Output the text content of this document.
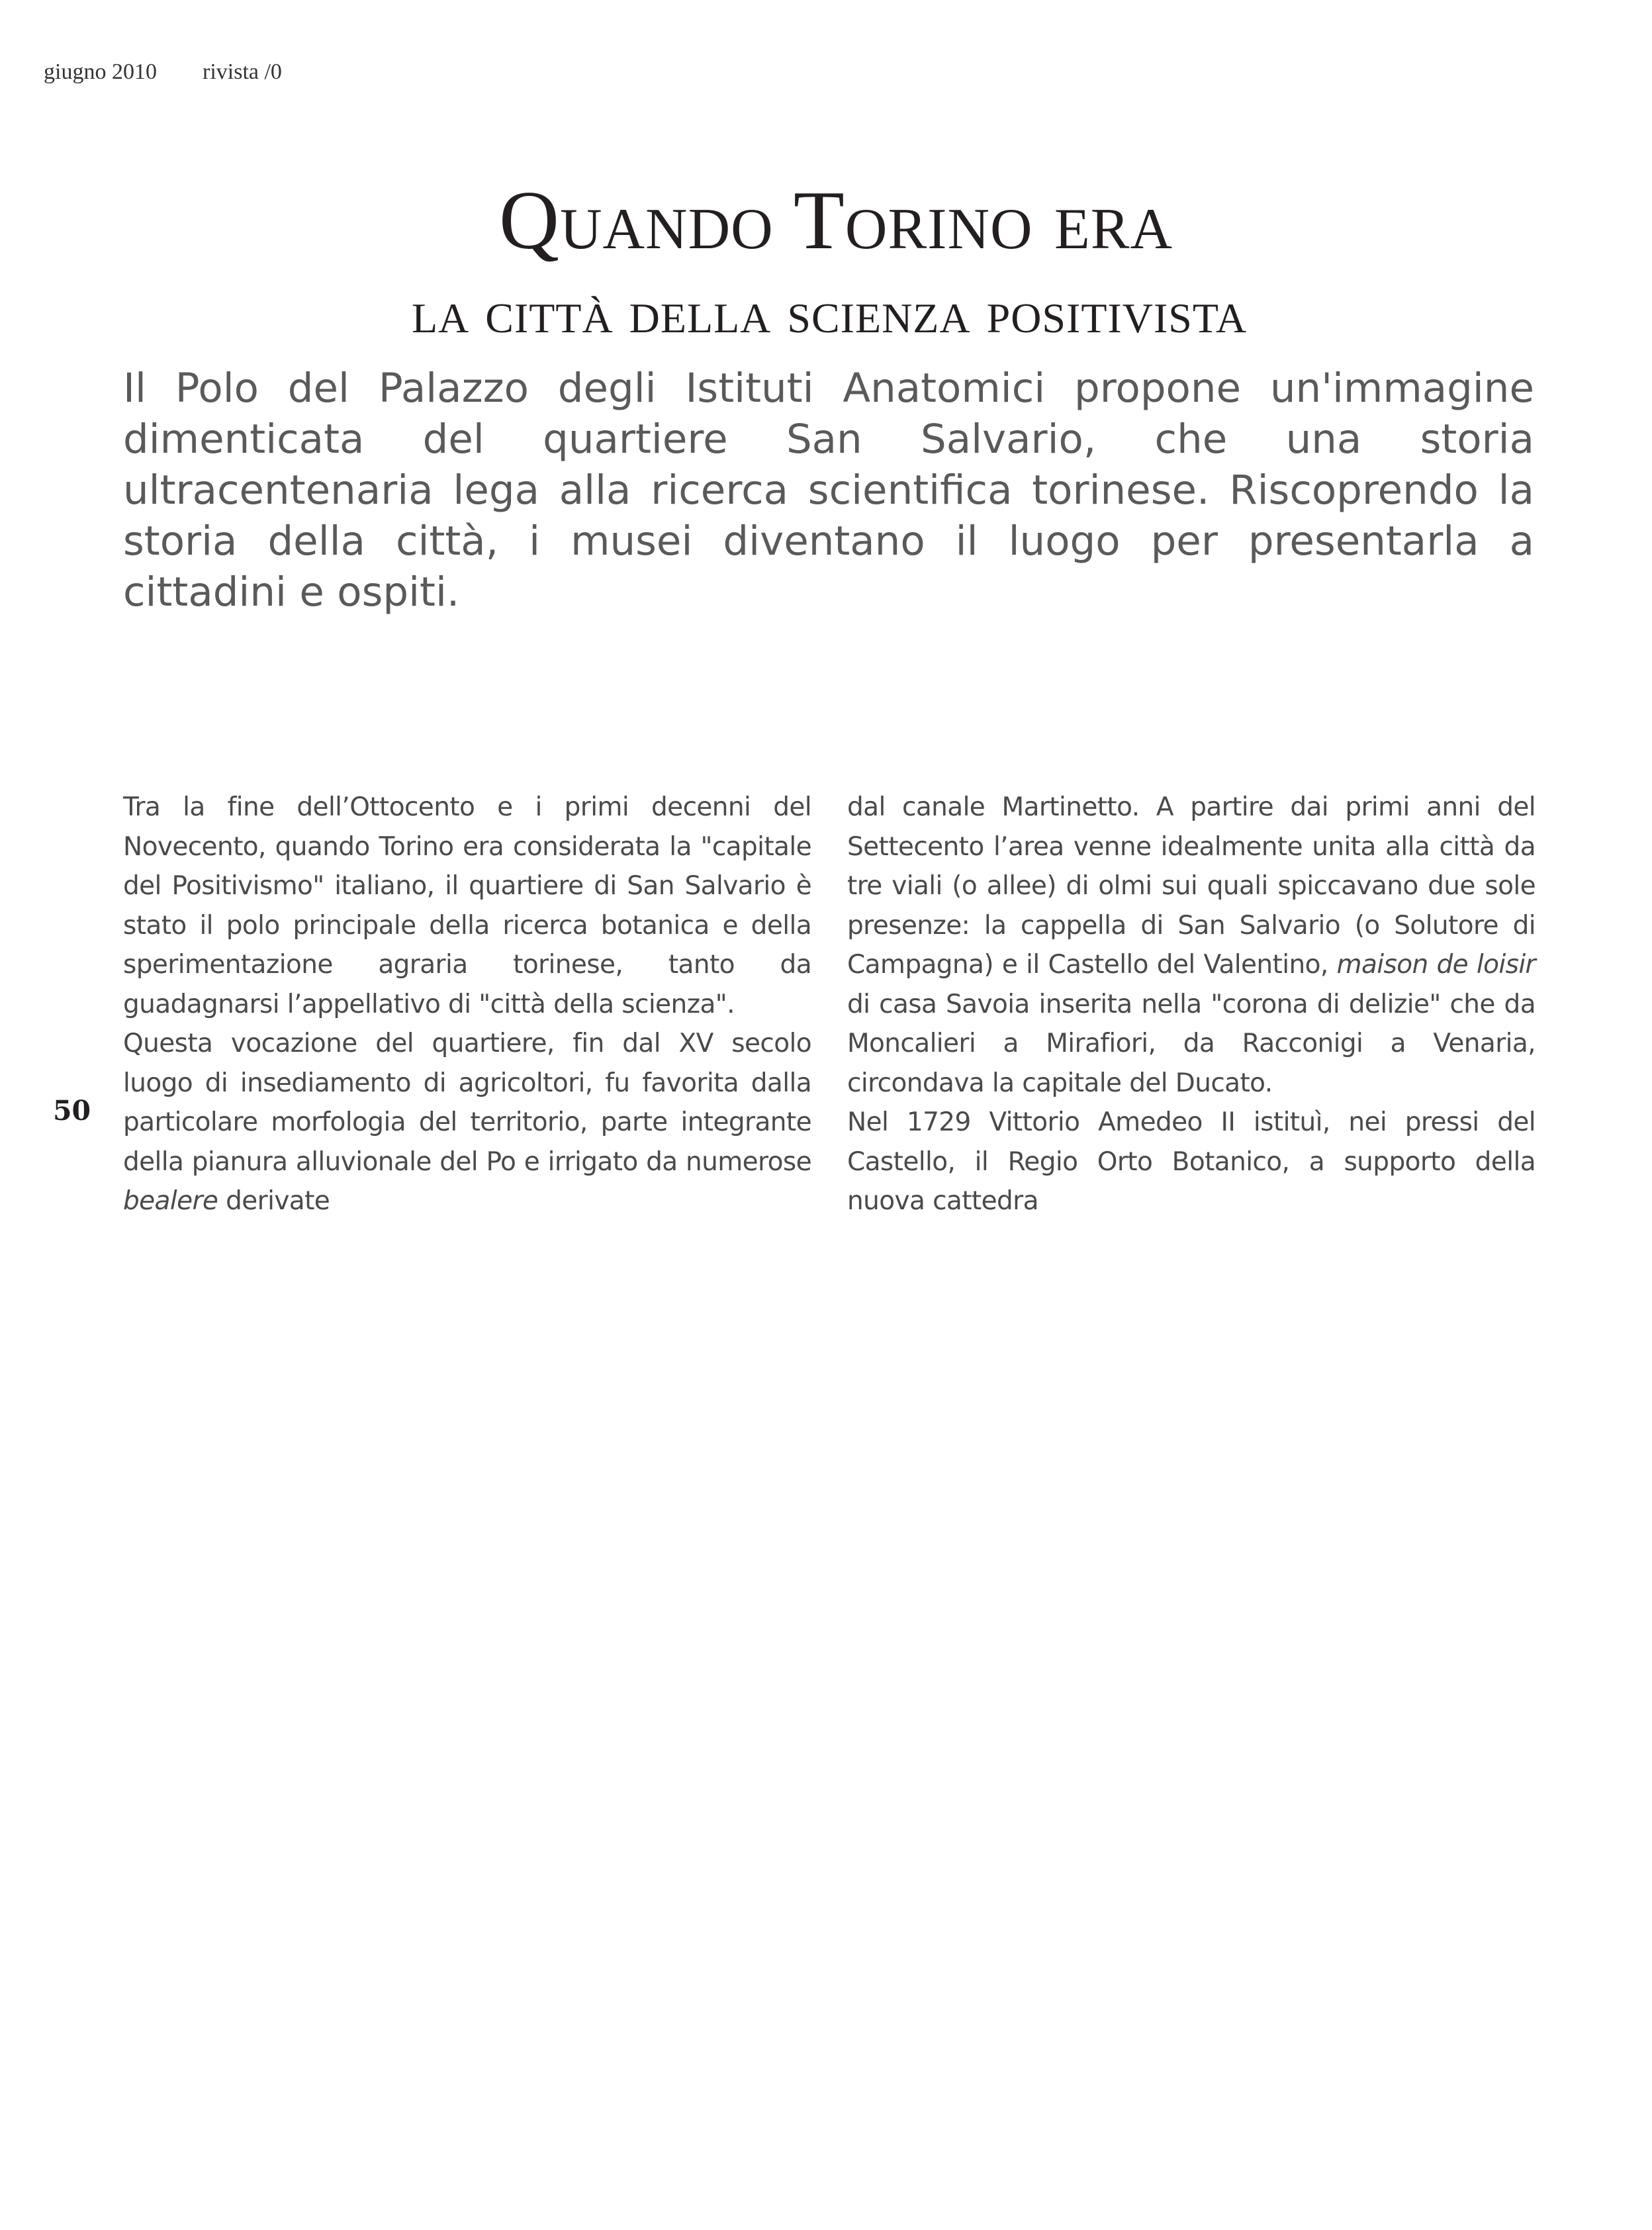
giugno 2010 rivista /0
Quando Torino era
la città della scienza positivista

Il Polo del Palazzo degli Istituti Anatomici propone un'immagine dimenticata del quartiere San Salvario, che una storia ultracentenaria lega alla ricerca scientifica torinese. Riscoprendo la storia della città, i musei diventano il luogo per presentarla a cittadini e ospiti.

Tra la fine dell’Ottocento e i primi decenni del Novecento, quando Torino era considerata la "capitale del Positivismo" italiano, il quartiere di San Salvario è stato il polo principale della ricerca botanica e della sperimentazione agraria torinese, tanto da guadagnarsi l’appellativo di "città della scienza".

Questa vocazione del quartiere, fin dal XV secolo luogo di insediamento di agricoltori, fu favorita dalla particolare morfologia del territorio, parte integrante della pianura alluvionale del Po e irrigato da numerose bealere derivate

dal canale Martinetto. A partire dai primi anni del Settecento l’area venne idealmente unita alla città da tre viali (o allee) di olmi sui quali spiccavano due sole presenze: la cappella di San Salvario (o Solutore di Campagna) e il Castello del Valentino, maison de loisir di casa Savoia inserita nella "corona di delizie" che da Moncalieri a Mirafiori, da Racconigi a Venaria, circondava la capitale del Ducato.

Nel 1729 Vittorio Amedeo II istituì, nei pressi del Castello, il Regio Orto Botanico, a supporto della nuova cattedra

50
